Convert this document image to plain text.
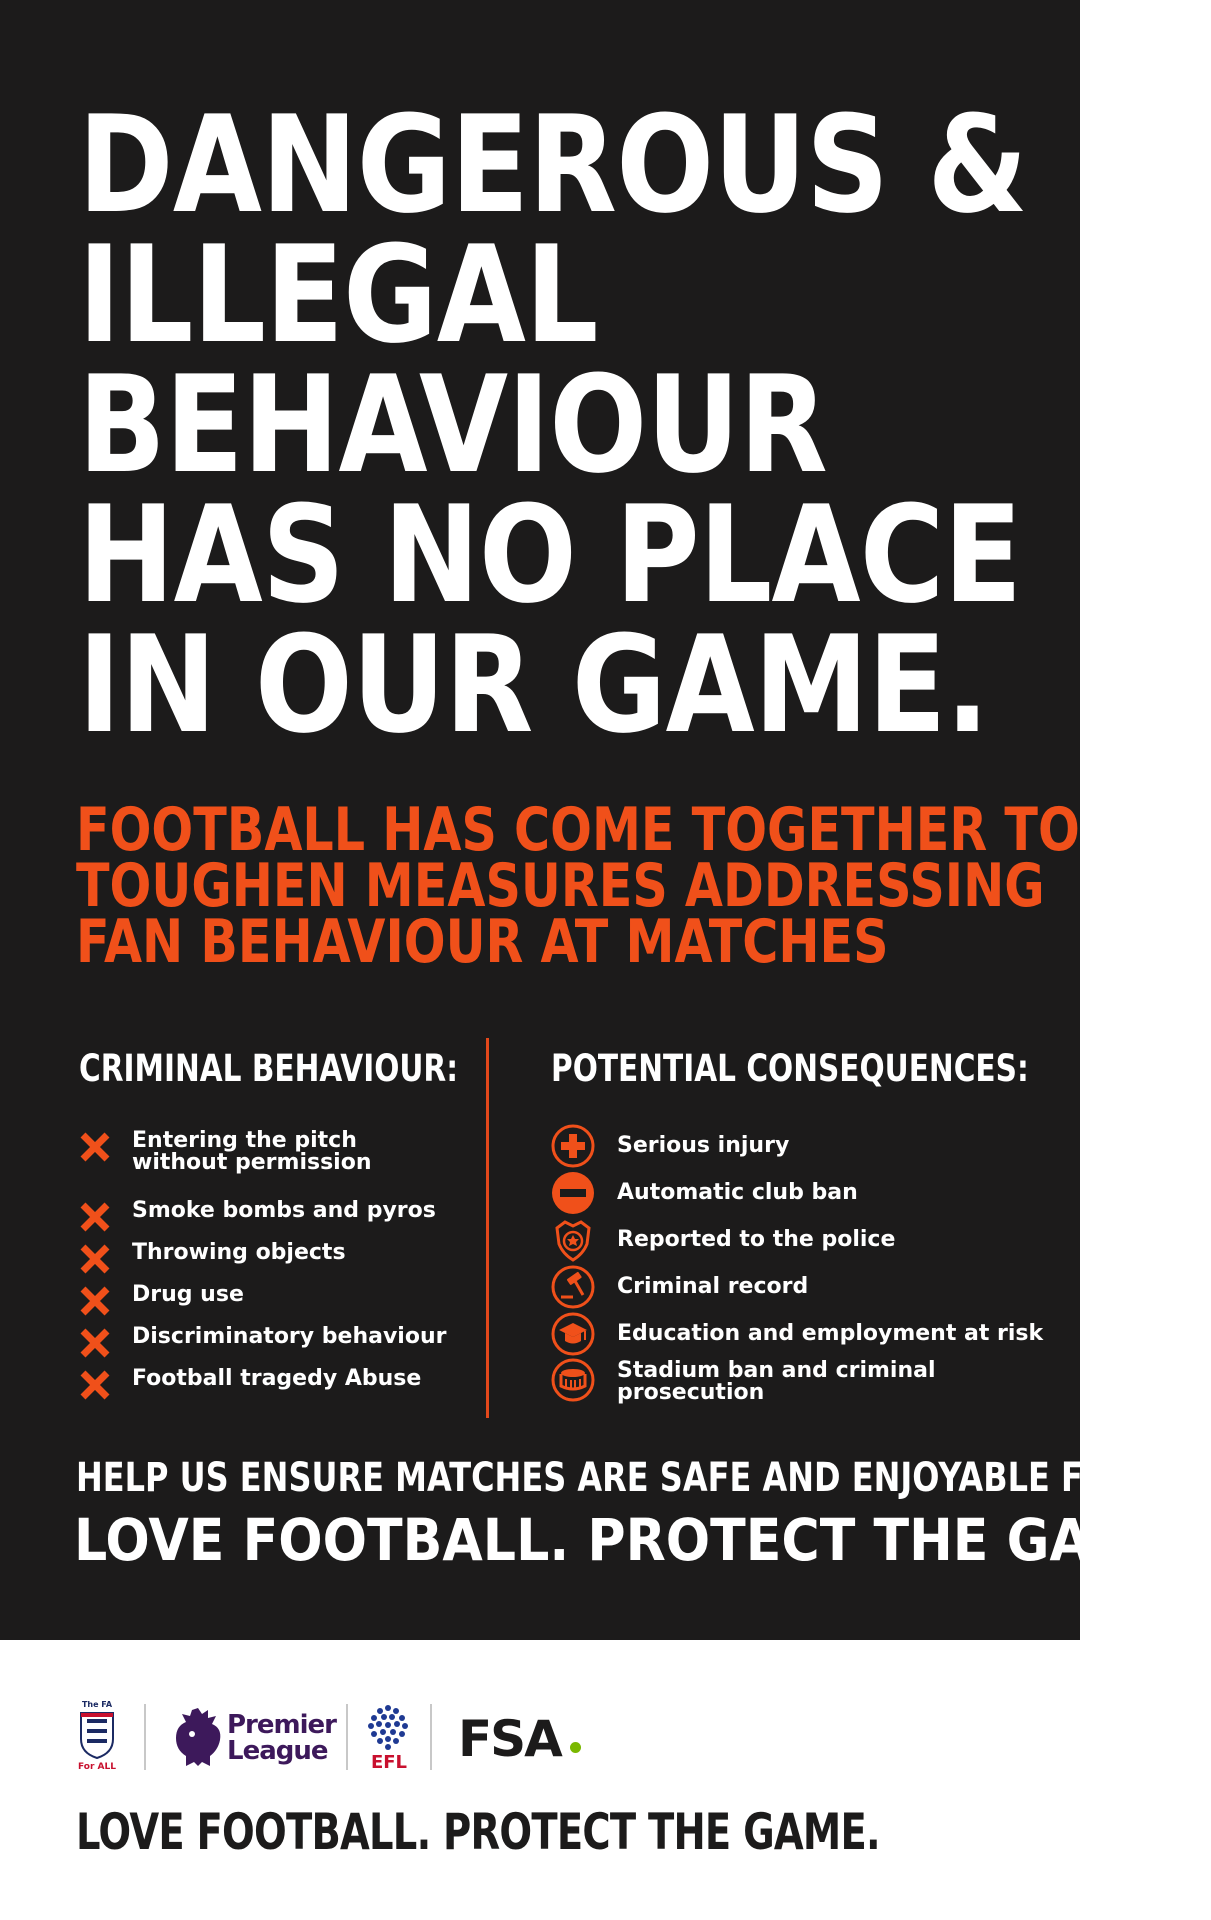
DANGEROUS &
ILLEGAL
BEHAVIOUR
HAS NO PLACE
IN OUR GAME.
FOOTBALL HAS COME TOGETHER TO
TOUGHEN MEASURES ADDRESSING
FAN BEHAVIOUR AT MATCHES
CRIMINAL BEHAVIOUR:	POTENTIAL CONSEQUENCES:
Entering the pitch without permission
Smoke bombs and pyros
Throwing objects
Drug use
Discriminatory behaviour
Football tragedy Abuse
Serious injury
Automatic club ban
Reported to the police
Criminal record
Education and employment at risk
Stadium ban and criminal prosecution
HELP US ENSURE MATCHES ARE SAFE AND ENJOYABLE FOR ALL
LOVE FOOTBALL. PROTECT THE GAME.
The FA
For ALL
Premier
League	EFL FSA
LOVE FOOTBALL. PROTECT THE GAME.
